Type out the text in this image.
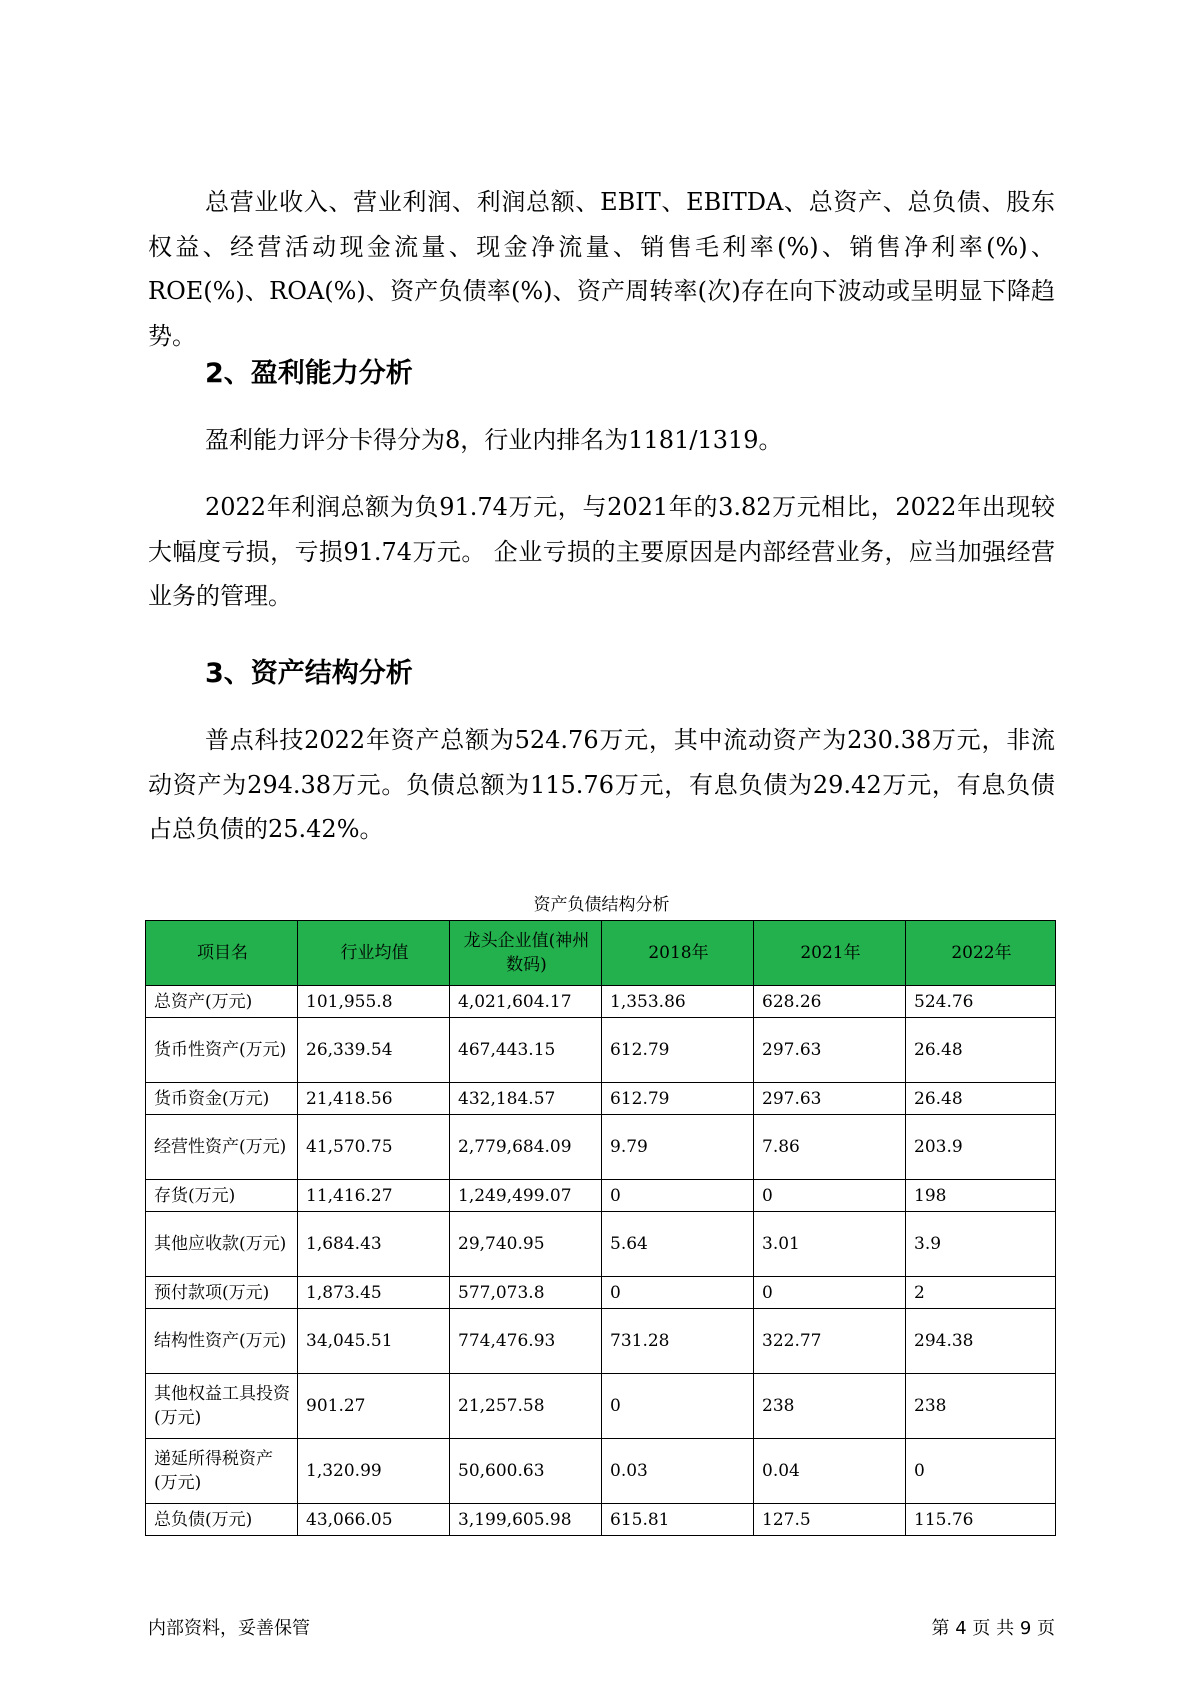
总营业收入、营业利润、利润总额、EBIT、EBITDA、总资产、总负债、股东权益、经营活动现金流量、现金净流量、销售毛利率(%)、销售净利率(%)、ROE(%)、ROA(%)、资产负债率(%)、资产周转率(次)存在向下波动或呈明显下降趋势。

2、盈利能力分析

盈利能力评分卡得分为8，行业内排名为1181/1319。

2022年利润总额为负91.74万元，与2021年的3.82万元相比，2022年出现较大幅度亏损，亏损91.74万元。 企业亏损的主要原因是内部经营业务，应当加强经营业务的管理。

3、资产结构分析

普点科技2022年资产总额为524.76万元，其中流动资产为230.38万元，非流动资产为294.38万元。负债总额为115.76万元，有息负债为29.42万元，有息负债占总负债的25.42%。

资产负债结构分析

项目名	行业均值	龙头企业值(神州数码)	2018年	2021年	2022年
总资产(万元)	101,955.8	4,021,604.17	1,353.86	628.26	524.76
货币性资产(万元)	26,339.54	467,443.15	612.79	297.63	26.48
货币资金(万元)	21,418.56	432,184.57	612.79	297.63	26.48
经营性资产(万元)	41,570.75	2,779,684.09	9.79	7.86	203.9
存货(万元)	11,416.27	1,249,499.07	0	0	198
其他应收款(万元)	1,684.43	29,740.95	5.64	3.01	3.9
预付款项(万元)	1,873.45	577,073.8	0	0	2
结构性资产(万元)	34,045.51	774,476.93	731.28	322.77	294.38
其他权益工具投资(万元)	901.27	21,257.58	0	238	238
递延所得税资产(万元)	1,320.99	50,600.63	0.03	0.04	0
总负债(万元)	43,066.05	3,199,605.98	615.81	127.5	115.76

内部资料，妥善保管	第 4 页 共 9 页
